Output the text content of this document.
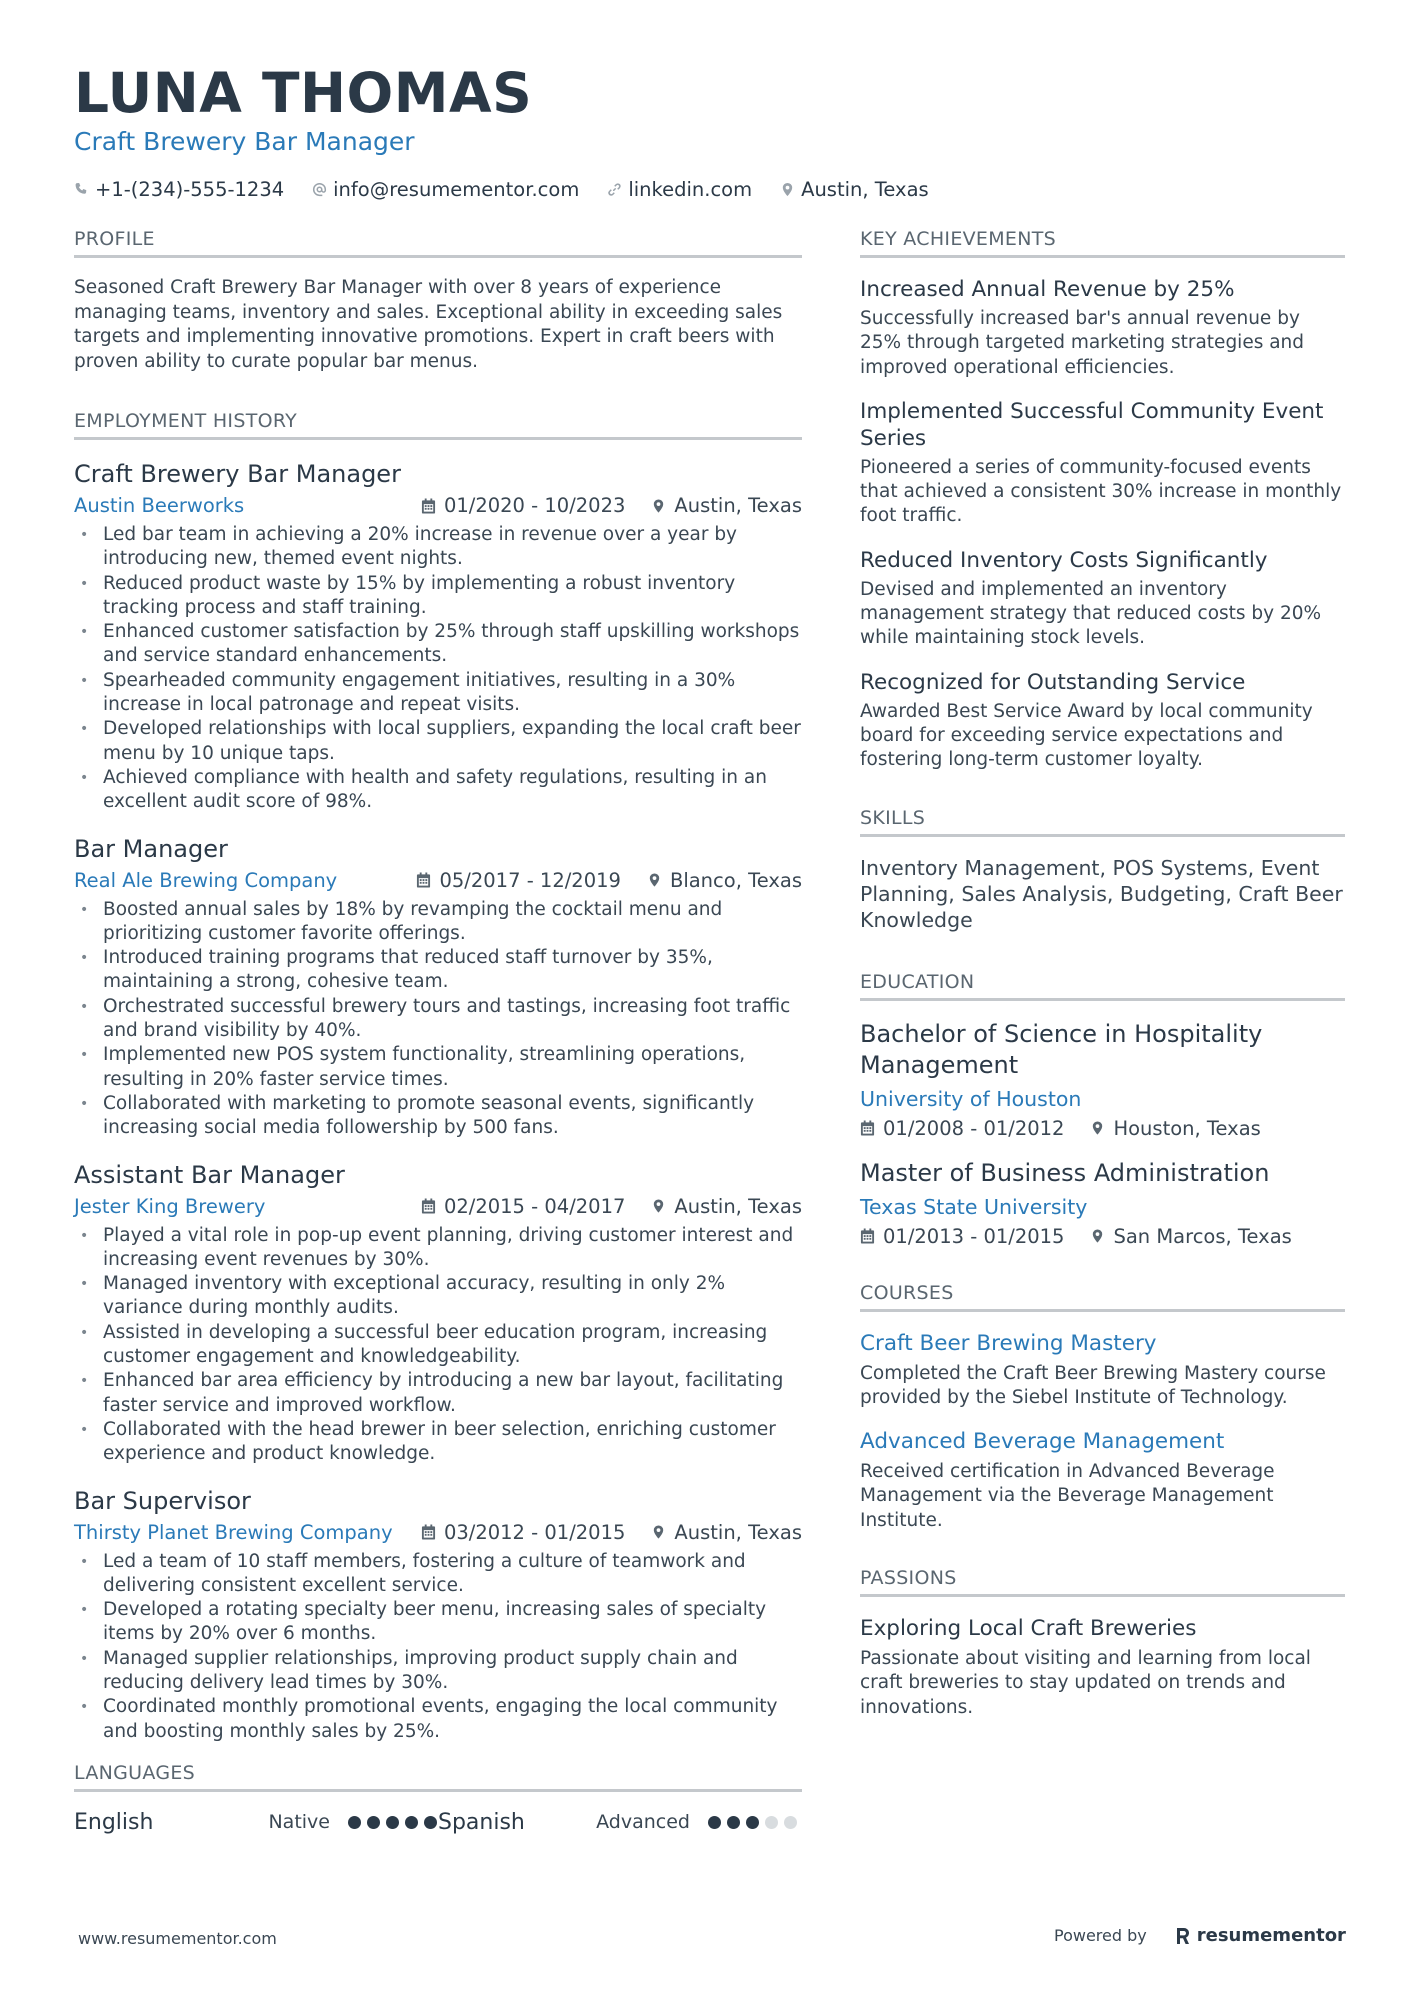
LUNA THOMAS
Craft Brewery Bar Manager
+1-(234)-555-1234	info@resumementor.com	linkedin.com	Austin, Texas
PROFILE

Seasoned Craft Brewery Bar Manager with over 8 years of experience managing teams, inventory and sales. Exceptional ability in exceeding sales targets and implementing innovative promotions. Expert in craft beers with proven ability to curate popular bar menus.

EMPLOYMENT HISTORY
Craft Brewery Bar Manager
Austin Beerworks	01/2020 - 10/2023	Austin, Texas
• Led bar team in achieving a 20% increase in revenue over a year by introducing new, themed event nights.
• Reduced product waste by 15% by implementing a robust inventory tracking process and staff training.
• Enhanced customer satisfaction by 25% through staff upskilling workshops and service standard enhancements.
• Spearheaded community engagement initiatives, resulting in a 30% increase in local patronage and repeat visits.
• Developed relationships with local suppliers, expanding the local craft beer menu by 10 unique taps.
• Achieved compliance with health and safety regulations, resulting in an excellent audit score of 98%.
Bar Manager
Real Ale Brewing Company	05/2017 - 12/2019	Blanco, Texas
• Boosted annual sales by 18% by revamping the cocktail menu and prioritizing customer favorite offerings.
• Introduced training programs that reduced staff turnover by 35%, maintaining a strong, cohesive team.
• Orchestrated successful brewery tours and tastings, increasing foot traffic and brand visibility by 40%.
• Implemented new POS system functionality, streamlining operations, resulting in 20% faster service times.
• Collaborated with marketing to promote seasonal events, significantly increasing social media followership by 500 fans.
Assistant Bar Manager
Jester King Brewery	02/2015 - 04/2017	Austin, Texas
• Played a vital role in pop-up event planning, driving customer interest and increasing event revenues by 30%.
• Managed inventory with exceptional accuracy, resulting in only 2% variance during monthly audits.
• Assisted in developing a successful beer education program, increasing customer engagement and knowledgeability.
• Enhanced bar area efficiency by introducing a new bar layout, facilitating faster service and improved workflow.
• Collaborated with the head brewer in beer selection, enriching customer experience and product knowledge.
Bar Supervisor
Thirsty Planet Brewing Company	03/2012 - 01/2015	Austin, Texas
• Led a team of 10 staff members, fostering a culture of teamwork and delivering consistent excellent service.
• Developed a rotating specialty beer menu, increasing sales of specialty items by 20% over 6 months.
• Managed supplier relationships, improving product supply chain and reducing delivery lead times by 30%.
• Coordinated monthly promotional events, engaging the local community and boosting monthly sales by 25%.
LANGUAGES
English	Native	Spanish	Advanced
KEY ACHIEVEMENTS
Increased Annual Revenue by 25%
Successfully increased bar's annual revenue by 25% through targeted marketing strategies and improved operational efficiencies.
Implemented Successful Community Event Series
Pioneered a series of community-focused events that achieved a consistent 30% increase in monthly foot traffic.
Reduced Inventory Costs Significantly
Devised and implemented an inventory management strategy that reduced costs by 20% while maintaining stock levels.
Recognized for Outstanding Service
Awarded Best Service Award by local community board for exceeding service expectations and fostering long-term customer loyalty.
SKILLS

Inventory Management, POS Systems, Event Planning, Sales Analysis, Budgeting, Craft Beer Knowledge

EDUCATION
Bachelor of Science in Hospitality Management
University of Houston
01/2008 - 01/2012	Houston, Texas
Master of Business Administration
Texas State University
01/2013 - 01/2015	San Marcos, Texas
COURSES
Craft Beer Brewing Mastery
Completed the Craft Beer Brewing Mastery course provided by the Siebel Institute of Technology.
Advanced Beverage Management
Received certification in Advanced Beverage Management via the Beverage Management Institute.
PASSIONS
Exploring Local Craft Breweries
Passionate about visiting and learning from local craft breweries to stay updated on trends and innovations.
www.resumementor.com	Powered by	resumementor
